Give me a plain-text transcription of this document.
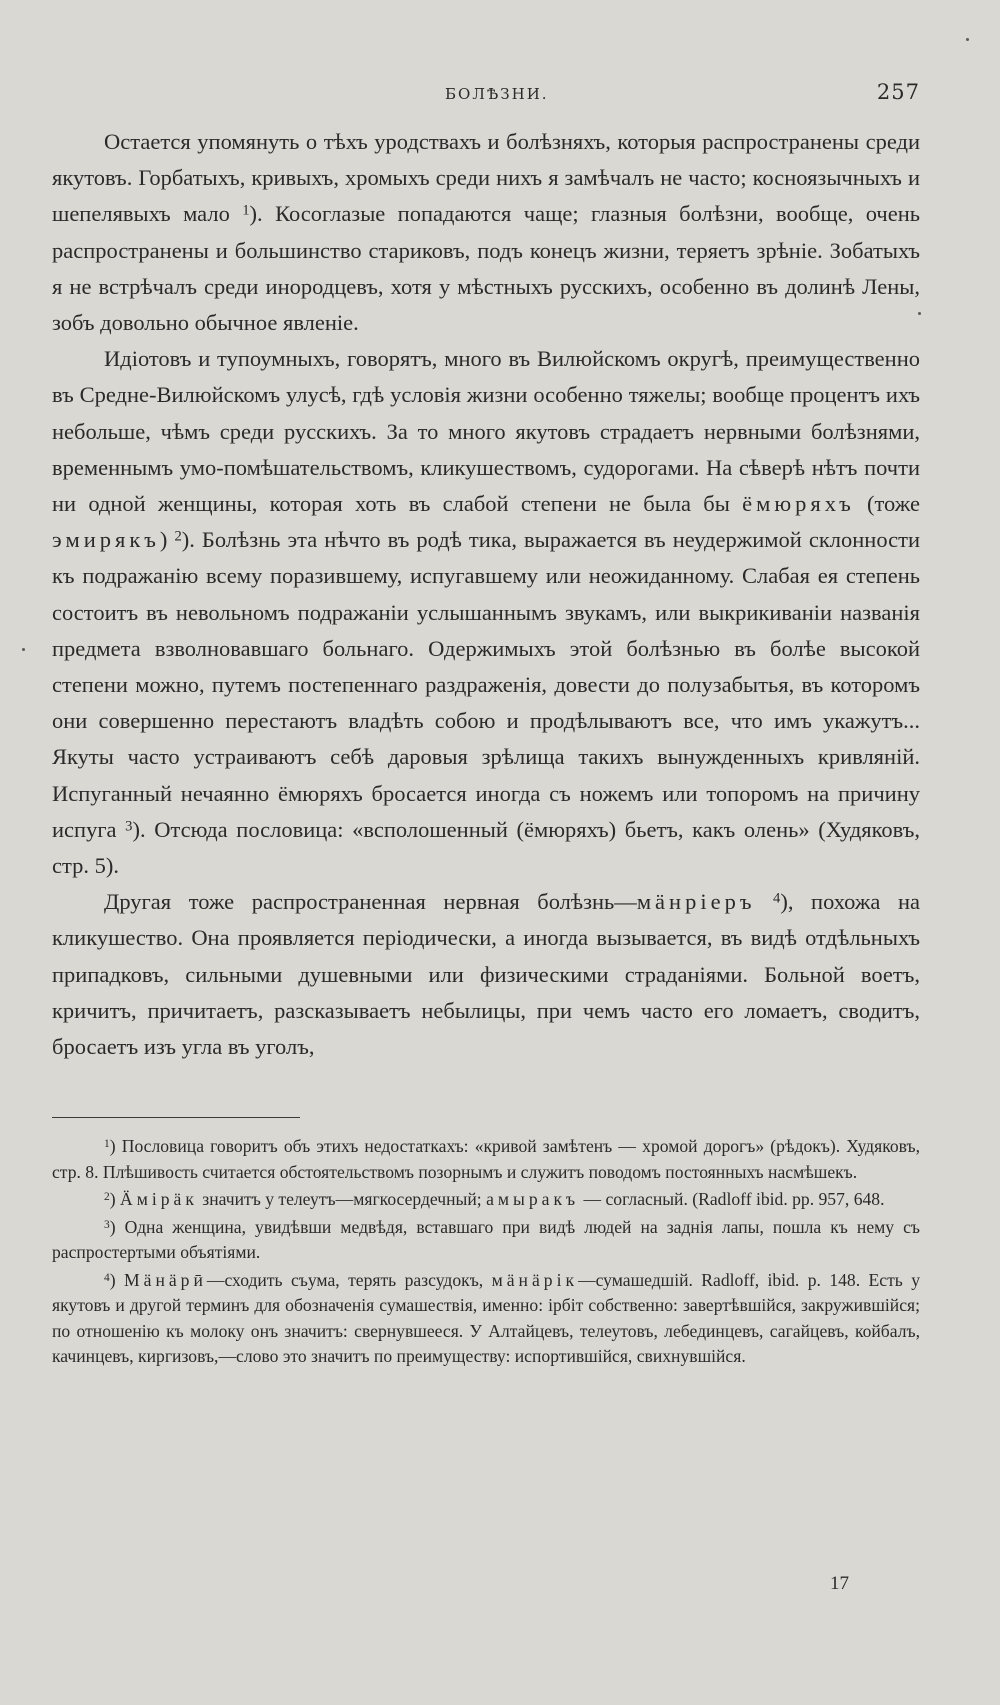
БОЛѢЗНИ.	257

Остается упомянуть о тѣхъ уродствахъ и болѣзняхъ, которыя распространены среди якутовъ. Горбатыхъ, кривыхъ, хромыхъ среди нихъ я замѣчалъ не часто; косноязычныхъ и шепелявыхъ мало $^1$). Косоглазые попадаются чаще; глазныя болѣзни, вообще, очень распространены и большинство стариковъ, подъ конецъ жизни, теряетъ зрѣніе. Зобатыхъ я не встрѣчалъ среди инородцевъ, хотя у мѣстныхъ русскихъ, особенно въ долинѣ Лены, зобъ довольно обычное явленіе.

Идіотовъ и тупоумныхъ, говорятъ, много въ Вилюйскомъ округѣ, преимущественно въ Средне-Вилюйскомъ улусѣ, гдѣ условія жизни особенно тяжелы; вообще процентъ ихъ небольше, чѣмъ среди русскихъ. За то много якутовъ страдаетъ нервными болѣзнями, временнымъ умо-помѣшательствомъ, кликушествомъ, судорогами. На сѣверѣ нѣтъ почти ни одной женщины, которая хоть въ слабой степени не была бы ёмюряхъ (тоже эмирякъ) $^2$). Болѣзнь эта нѣчто въ родѣ тика, выражается въ неудержимой склонности къ подражанію всему поразившему, испугавшему или неожиданному. Слабая ея степень состоитъ въ невольномъ подражаніи услышаннымъ звукамъ, или выкрикиваніи названія предмета взволновавшаго больнаго. Одержимыхъ этой болѣзнью въ болѣе высокой степени можно, путемъ постепеннаго раздраженія, довести до полузабытья, въ которомъ они совершенно перестаютъ владѣть собою и продѣлываютъ все, что имъ укажутъ... Якуты часто устраиваютъ себѣ даровыя зрѣлища такихъ вынужденныхъ кривляній. Испуганный нечаянно ёмюряхъ бросается иногда съ ножемъ или топоромъ на причину испуга $^3$). Отсюда пословица: «всполошенный (ёмюряхъ) бьетъ, какъ олень» (Худяковъ, стр. 5).

Другая тоже распространенная нервная болѣзнь—мӓнріеръ $^4$), похожа на кликушество. Она проявляется періодически, а иногда вызывается, въ видѣ отдѣльныхъ припадковъ, сильными душевными или физическими страданіями. Больной воетъ, кричитъ, причитаетъ, разсказываетъ небылицы, при чемъ часто его ломаетъ, сводитъ, бросаетъ изъ угла въ уголъ,

$^1$) Пословица говоритъ объ этихъ недостаткахъ: «кривой замѣтенъ — хромой дорогъ» (рѣдокъ). Худяковъ, стр. 8. Плѣшивость считается обстоятельствомъ позорнымъ и служитъ поводомъ постоянныхъ насмѣшекъ.

$^2$) Ӓмірӓк значитъ у телеутъ—мягкосердечный; амыракъ — согласный. (Radloff ibid. pp. 957, 648.

$^3$) Одна женщина, увидѣвши медвѣдя, вставшаго при видѣ людей на заднія лапы, пошла къ нему съ распростертыми объятіями.

$^4$) Мӓнӓрӣ—сходить съума, терять разсудокъ, мӓнӓрік—сумашедшій. Radloff, ibid. p. 148. Есть у якутовъ и другой терминъ для обозначенія сумашествія, именно: ірбіт собственно: завертѣвшійся, закружившійся; по отношенію къ молоку онъ значитъ: свернувшееся. У Алтайцевъ, телеутовъ, лебединцевъ, сагайцевъ, койбалъ, качинцевъ, киргизовъ,—слово это значитъ по преимуществу: испортившійся, свихнувшійся.

17
